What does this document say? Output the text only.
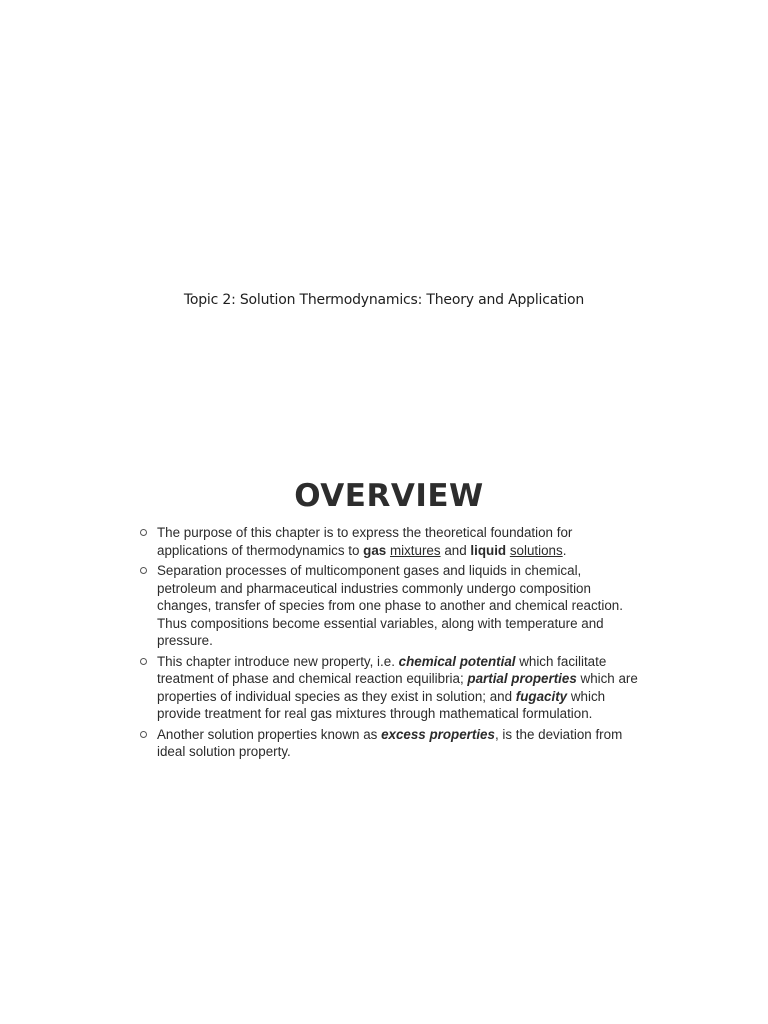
Topic 2: Solution Thermodynamics: Theory and Application
OVERVIEW
The purpose of this chapter is to express the theoretical foundation for applications of thermodynamics to gas mixtures and liquid solutions.
Separation processes of multicomponent gases and liquids in chemical, petroleum and pharmaceutical industries commonly undergo composition changes, transfer of species from one phase to another and chemical reaction. Thus compositions become essential variables, along with temperature and pressure.
This chapter introduce new property, i.e. chemical potential which facilitate treatment of phase and chemical reaction equilibria; partial properties which are properties of individual species as they exist in solution; and fugacity which provide treatment for real gas mixtures through mathematical formulation.
Another solution properties known as excess properties, is the deviation from ideal solution property.
